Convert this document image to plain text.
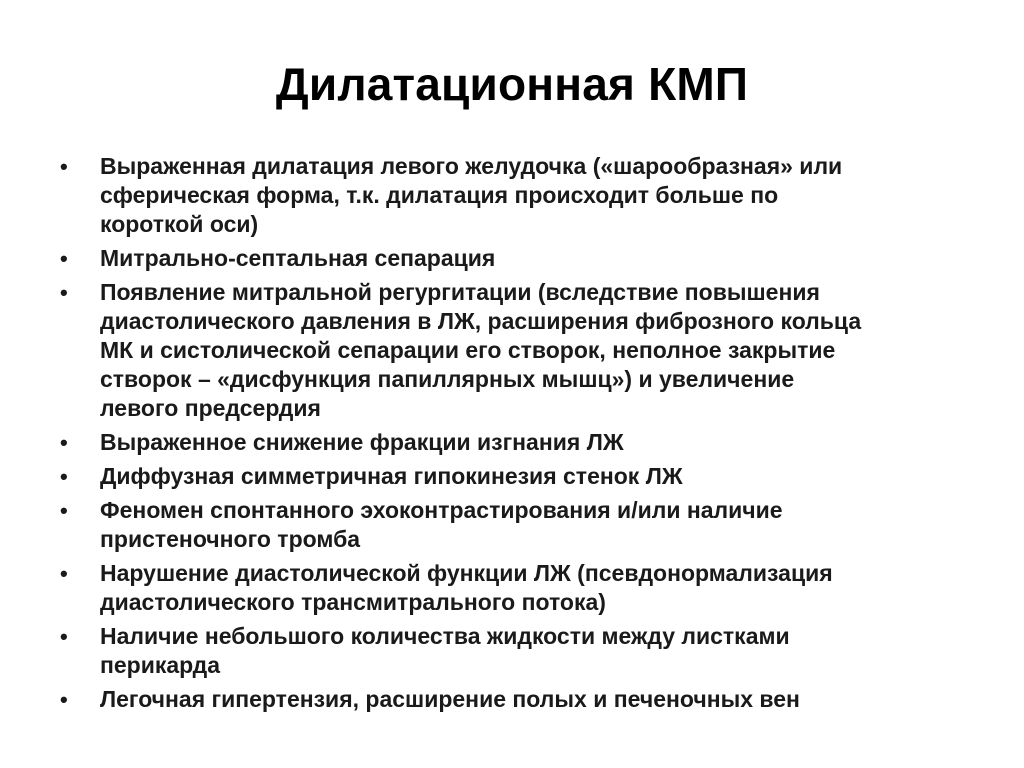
Дилатационная КМП
•	Выраженная дилатация левого желудочка («шарообразная» или
сферическая форма, т.к. дилатация происходит больше по
короткой оси)
•	Митрально-септальная сепарация
•	Появление митральной регургитации (вследствие повышения
диастолического давления в ЛЖ, расширения фиброзного кольца
МК и систолической сепарации его створок, неполное закрытие
створок – «дисфункция папиллярных мышц») и увеличение
левого предсердия
•	Выраженное снижение фракции изгнания ЛЖ
•	Диффузная симметричная гипокинезия стенок ЛЖ
•	Феномен спонтанного эхоконтрастирования и/или наличие
пристеночного тромба
•	Нарушение диастолической функции ЛЖ (псевдонормализация
диастолического трансмитрального потока)
•	Наличие небольшого количества жидкости между листками
перикарда
•	Легочная гипертензия, расширение полых и печеночных вен
